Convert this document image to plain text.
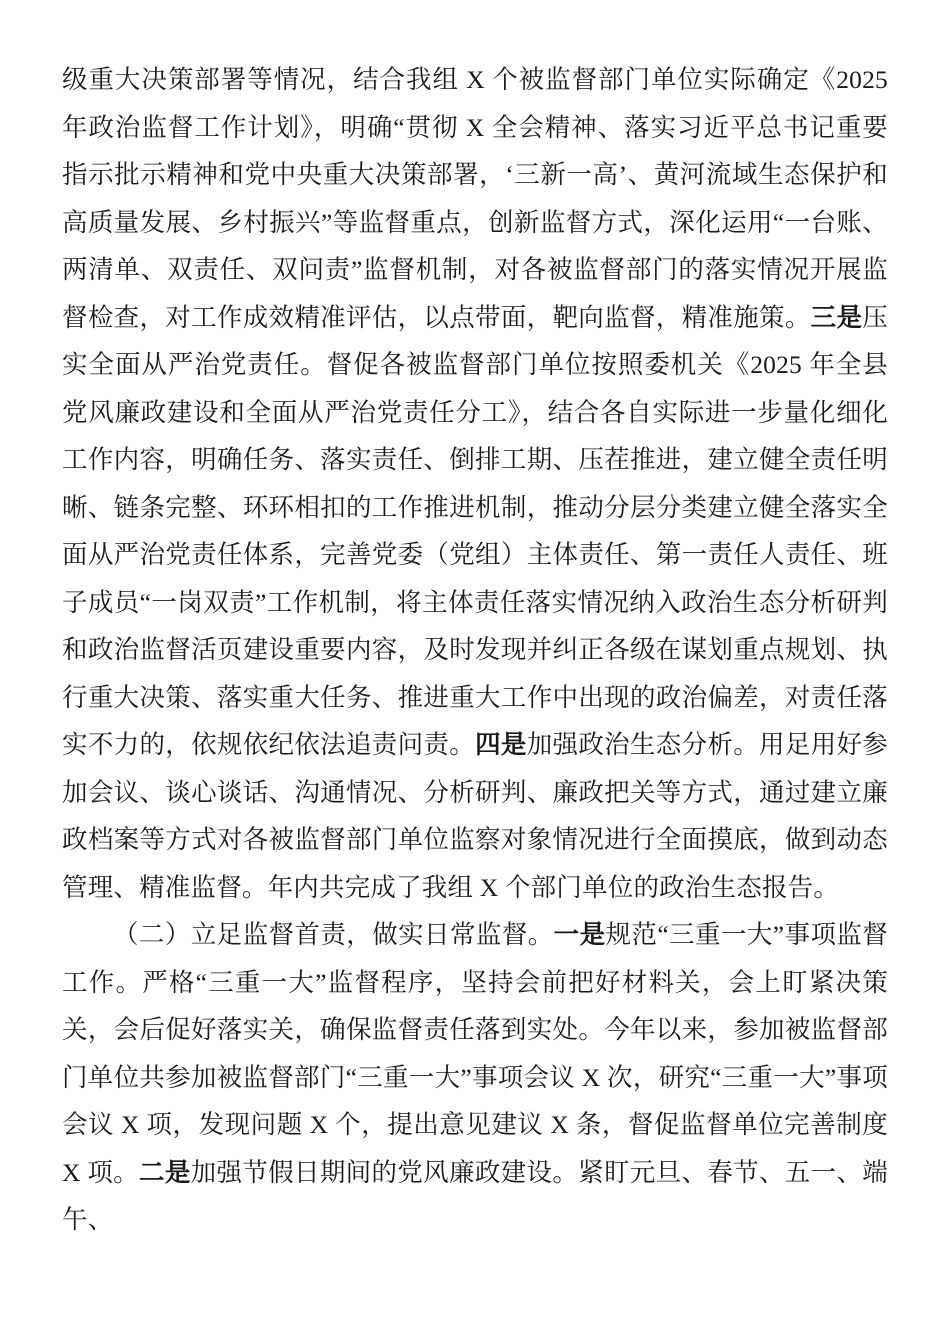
级重大决策部署等情况，结合我组 X 个被监督部门单位实际确定《2025 年政治监督工作计划》，明确“贯彻 X 全会精神、落实习近平总书记重要指示批示精神和党中央重大决策部署，‘三新一高’、黄河流域生态保护和高质量发展、乡村振兴”等监督重点，创新监督方式，深化运用“一台账、两清单、双责任、双问责”监督机制，对各被监督部门的落实情况开展监督检查，对工作成效精准评估，以点带面，靶向监督，精准施策。三是压实全面从严治党责任。督促各被监督部门单位按照委机关《2025 年全县党风廉政建设和全面从严治党责任分工》，结合各自实际进一步量化细化工作内容，明确任务、落实责任、倒排工期、压茬推进，建立健全责任明晰、链条完整、环环相扣的工作推进机制，推动分层分类建立健全落实全面从严治党责任体系，完善党委（党组）主体责任、第一责任人责任、班子成员“一岗双责”工作机制，将主体责任落实情况纳入政治生态分析研判和政治监督活页建设重要内容，及时发现并纠正各级在谋划重点规划、执行重大决策、落实重大任务、推进重大工作中出现的政治偏差，对责任落实不力的，依规依纪依法追责问责。四是加强政治生态分析。用足用好参加会议、谈心谈话、沟通情况、分析研判、廉政把关等方式，通过建立廉政档案等方式对各被监督部门单位监察对象情况进行全面摸底，做到动态管理、精准监督。年内共完成了我组 X 个部门单位的政治生态报告。

（二）立足监督首责，做实日常监督。一是规范“三重一大”事项监督工作。严格“三重一大”监督程序，坚持会前把好材料关，会上盯紧决策关，会后促好落实关，确保监督责任落到实处。今年以来，参加被监督部门单位共参加被监督部门“三重一大”事项会议 X 次，研究“三重一大”事项会议 X 项，发现问题 X 个，提出意见建议 X 条，督促监督单位完善制度 X 项。二是加强节假日期间的党风廉政建设。紧盯元旦、春节、五一、端午、
